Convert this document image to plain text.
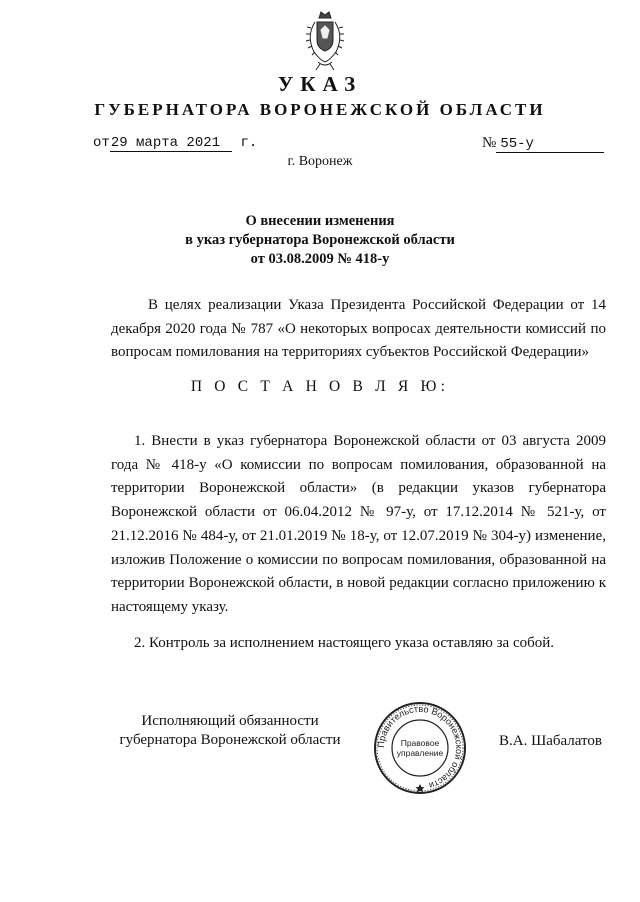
УКАЗ
ГУБЕРНАТОРА ВОРОНЕЖСКОЙ ОБЛАСТИ
от29 марта 2021 г.	№ 55-у
г. Воронеж
О внесении изменения
в указ губернатора Воронежской области
от 03.08.2009 № 418-у
В целях реализации Указа Президента Российской Федерации от 14 декабря 2020 года № 787 «О некоторых вопросах деятельности комиссий по вопросам помилования на территориях субъектов Российской Федерации»
П О С Т А Н О В Л Я Ю:
1. Внести в указ губернатора Воронежской области от 03 августа 2009 года № 418-у «О комиссии по вопросам помилования, образованной на территории Воронежской области» (в редакции указов губернатора Воронежской области от 06.04.2012 № 97-у, от 17.12.2014 № 521-у, от 21.12.2016 № 484-у, от 21.01.2019 № 18-у, от 12.07.2019 № 304-у) изменение, изложив Положение о комиссии по вопросам помилования, образованной на территории Воронежской области, в новой редакции согласно приложению к настоящему указу.
2. Контроль за исполнением настоящего указа оставляю за собой.
Исполняющий обязанности
губернатора Воронежской области	Правительство Воронежской области
Правовое
управление
В.А. Шабалатов
